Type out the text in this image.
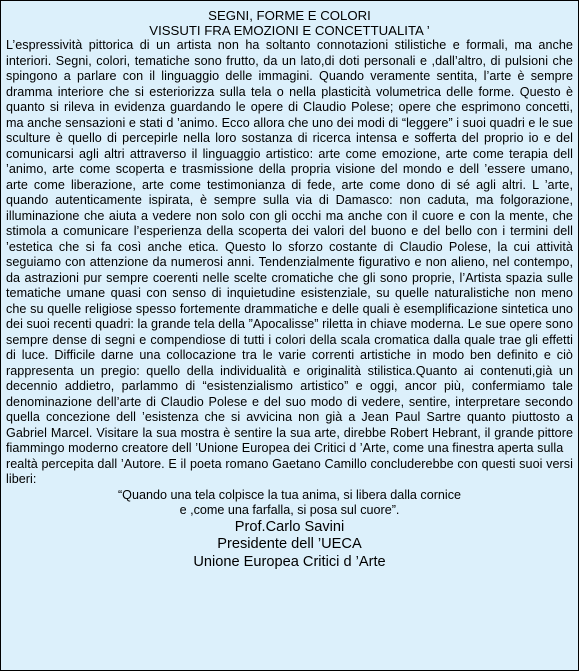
SEGNI, FORME E COLORI

VISSUTI FRA EMOZIONI E CONCETTUALITA ’

L’espressività pittorica di un artista non ha soltanto connotazioni stilistiche e formali, ma anche interiori. Segni, colori, tematiche sono frutto, da un lato,di doti personali e ,dall’altro, di pulsioni che spingono a parlare con il linguaggio delle immagini. Quando veramente sentita, l’arte è sempre dramma interiore che si esteriorizza sulla tela o nella plasticità volumetrica delle forme. Questo è quanto si rileva in evidenza guardando le opere di Claudio Polese; opere che esprimono concetti, ma anche sensazioni e stati d ’animo. Ecco allora che uno dei modi di “leggere” i suoi quadri e le sue sculture è quello di percepirle nella loro sostanza di ricerca intensa e sofferta del proprio io e del comunicarsi agli altri attraverso il linguaggio artistico: arte come emozione, arte come terapia dell ’animo, arte come scoperta e trasmissione della propria visione del mondo e dell ’essere umano, arte come liberazione, arte come testimonianza di fede, arte come dono di sé agli altri. L ’arte, quando autenticamente ispirata, è sempre sulla via di Damasco: non caduta, ma folgorazione, illuminazione che aiuta a vedere non solo con gli occhi ma anche con il cuore e con la mente, che stimola a comunicare l’esperienza della scoperta dei valori del buono e del bello con i termini dell ’estetica che si fa così anche etica. Questo lo sforzo costante di Claudio Polese, la cui attività seguiamo con attenzione da numerosi anni. Tendenzialmente figurativo e non alieno, nel contempo, da astrazioni pur sempre coerenti nelle scelte cromatiche che gli sono proprie, l’Artista spazia sulle tematiche umane quasi con senso di inquietudine esistenziale, su quelle naturalistiche non meno che su quelle religiose spesso fortemente drammatiche e delle quali è esemplificazione sintetica uno dei suoi recenti quadri: la grande tela della ”Apocalisse” riletta in chiave moderna. Le sue opere sono sempre dense di segni e compendiose di tutti i colori della scala cromatica dalla quale trae gli effetti di luce. Difficile darne una collocazione tra le varie correnti artistiche in modo ben definito e ciò rappresenta un pregio: quello della individualità e originalità stilistica.Quanto ai contenuti,già un decennio addietro, parlammo di “esistenzialismo artistico” e oggi, ancor più, confermiamo tale denominazione dell’arte di Claudio Polese e del suo modo di vedere, sentire, interpretare secondo quella concezione dell ’esistenza che si avvicina non già a Jean Paul Sartre quanto piuttosto a Gabriel Marcel. Visitare la sua mostra è sentire la sua arte, direbbe Robert Hebrant, il grande pittore fiammingo moderno creatore dell ’Unione Europea dei Critici d ’Arte, come una finestra aperta sulla

realtà percepita dall ’Autore. E il poeta romano Gaetano Camillo concluderebbe con questi suoi versi liberi:

“Quando una tela colpisce la tua anima, si libera dalla cornice

e ,come una farfalla, si posa sul cuore”.

Prof.Carlo Savini

Presidente dell ’UECA

Unione Europea Critici d ’Arte
